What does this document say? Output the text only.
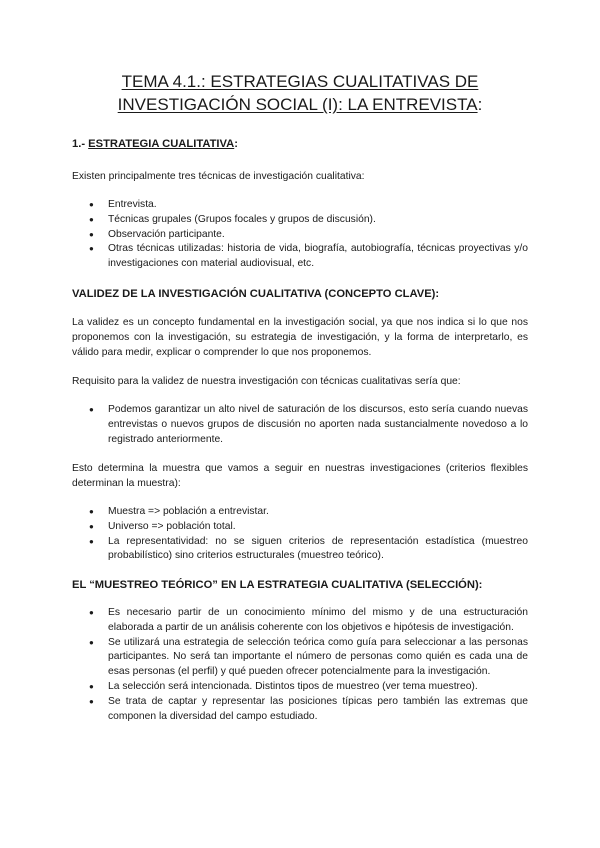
TEMA 4.1.: ESTRATEGIAS CUALITATIVAS DE
INVESTIGACIÓN SOCIAL (I): LA ENTREVISTA:
1.- ESTRATEGIA CUALITATIVA:

Existen principalmente tres técnicas de investigación cualitativa:

● Entrevista.
● Técnicas grupales (Grupos focales y grupos de discusión).
● Observación participante.
● Otras técnicas utilizadas: historia de vida, biografía, autobiografía, técnicas proyectivas y/o investigaciones con material audiovisual, etc.
VALIDEZ DE LA INVESTIGACIÓN CUALITATIVA (CONCEPTO CLAVE):

La validez es un concepto fundamental en la investigación social, ya que nos indica si lo que nos proponemos con la investigación, su estrategia de investigación, y la forma de interpretarlo, es válido para medir, explicar o comprender lo que nos proponemos.

Requisito para la validez de nuestra investigación con técnicas cualitativas sería que:

● Podemos garantizar un alto nivel de saturación de los discursos, esto sería cuando nuevas entrevistas o nuevos grupos de discusión no aporten nada sustancialmente novedoso a lo registrado anteriormente.

Esto determina la muestra que vamos a seguir en nuestras investigaciones (criterios flexibles determinan la muestra):

● Muestra => población a entrevistar.
● Universo => población total.
● La representatividad: no se siguen criterios de representación estadística (muestreo probabilístico) sino criterios estructurales (muestreo teórico).
EL “MUESTREO TEÓRICO” EN LA ESTRATEGIA CUALITATIVA (SELECCIÓN):
● Es necesario partir de un conocimiento mínimo del mismo y de una estructuración elaborada a partir de un análisis coherente con los objetivos e hipótesis de investigación.
● Se utilizará una estrategia de selección teórica como guía para seleccionar a las personas participantes. No será tan importante el número de personas como quién es cada una de esas personas (el perfil) y qué pueden ofrecer potencialmente para la investigación.
● La selección será intencionada. Distintos tipos de muestreo (ver tema muestreo).
● Se trata de captar y representar las posiciones típicas pero también las extremas que componen la diversidad del campo estudiado.
